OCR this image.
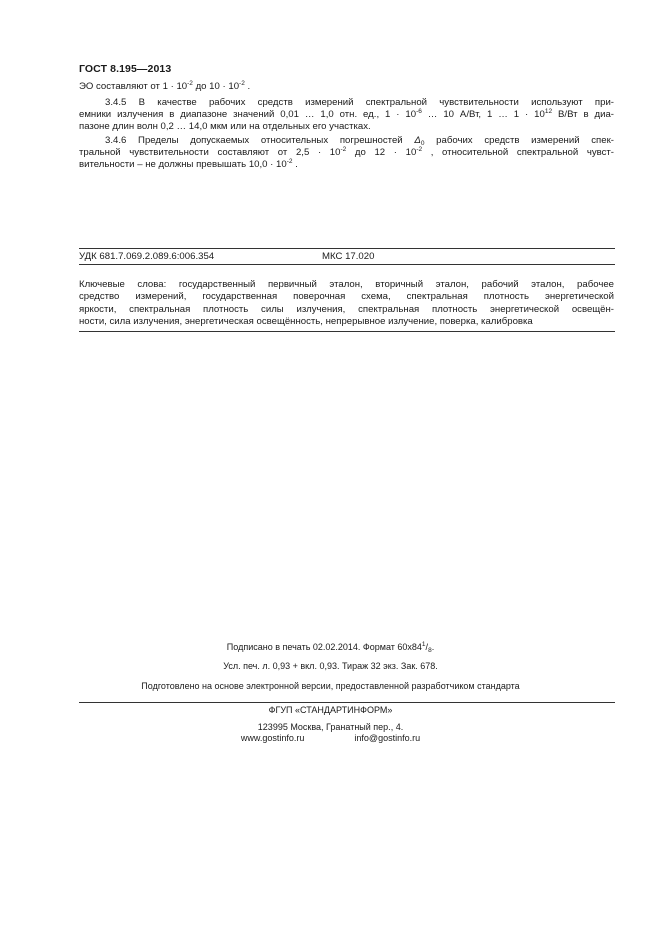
ГОСТ 8.195—2013
ЭО составляют от $1 \cdot 10^{-2}$ до $10 \cdot 10^{-2}$ .
3.4.5 В качестве рабочих средств измерений спектральной чувствительности используют при-
емники излучения в диапазоне значений 0,01 … 1,0 отн. ед., $1 \cdot 10^{-6}$ … 10 А/Вт, 1 … $1 \cdot 10^{12}$ В/Вт в диа-
пазоне длин волн 0,2 … 14,0 мкм или на отдельных его участках.
3.4.6 Пределы допускаемых относительных погрешностей $\Delta_0$ рабочих средств измерений спек-
тральной чувствительности составляют от $2,5 \cdot 10^{-2}$ до $12 \cdot 10^{-2}$ , относительной спектральной чувст-
вительности – не должны превышать $10,0 \cdot 10^{-2}$ .
УДК 681.7.069.2.089.6:006.354	МКС 17.020
Ключевые слова: государственный первичный эталон, вторичный эталон, рабочий эталон, рабочее
средство измерений, государственная поверочная схема, спектральная плотность энергетической
яркости, спектральная плотность силы излучения, спектральная плотность энергетической освещён-
ности, сила излучения, энергетическая освещённость, непрерывное излучение, поверка, калибровка
Подписано в печать 02.02.2014. Формат $60x84^1/_8$.
Усл. печ. л. 0,93 + вкл. 0,93. Тираж 32 экз. Зак. 678.
Подготовлено на основе электронной версии, предоставленной разработчиком стандарта
ФГУП «СТАНДАРТИНФОРМ»
123995 Москва, Гранатный пер., 4.
www.gostinfo.ru	info@gostinfo.ru
